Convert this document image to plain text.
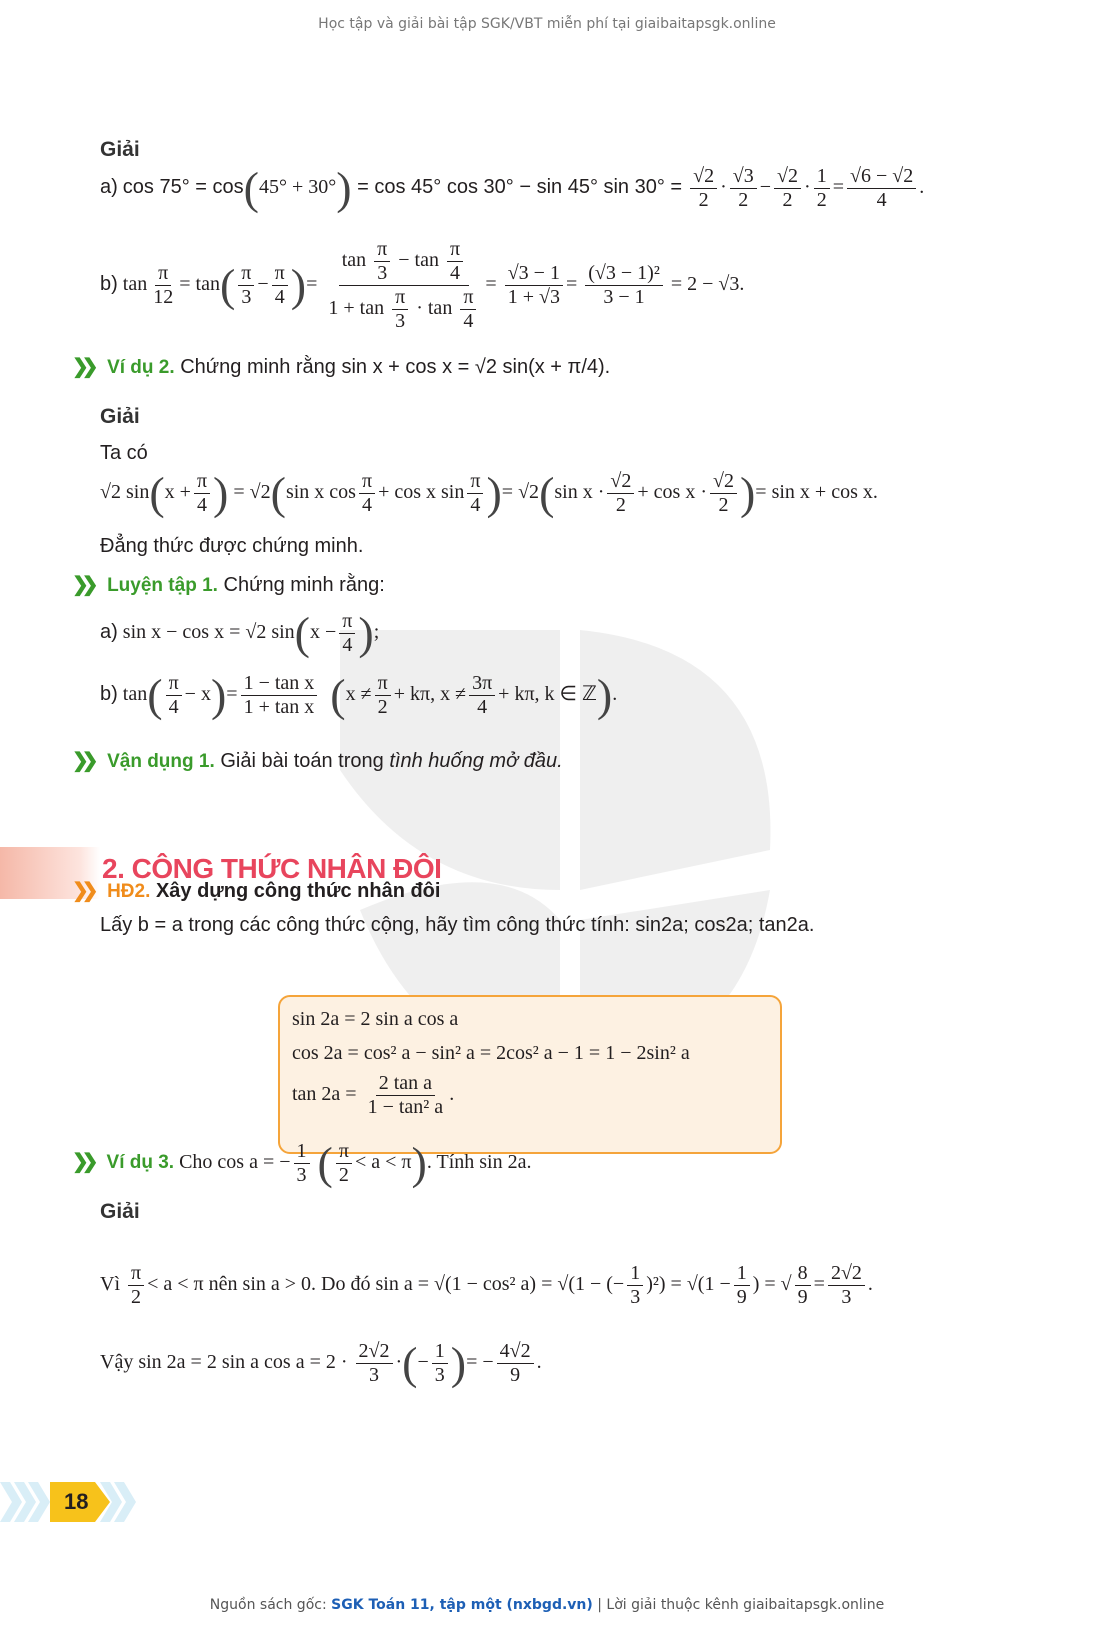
Học tập và giải bài tập SGK/VBT miễn phí tại giaibaitapsgk.online
Giải
a) cos 75° = cos(45° + 30°) = cos 45° cos 30° − sin 45° $\sin 30^\circ = \frac{√2}{2} \cdot \frac{√3}{2} - \frac{√2}{2} \cdot \frac{1}{2} = \frac{√6 - √2}{4}$ .
b) $\tan \frac{\pi}{12} = \tan( \frac{\pi}{3} - \frac{\pi}{4}$ )= $\frac{\tan \frac{\pi}{3} - \tan \frac{\pi}{4}}{1 + \tan \frac{\pi}{3} \cdot \tan \frac{\pi}{4}} = \frac{√3 - 1}{1 + √3} = \frac{\text{(√3 − 1)²}}{3 - 1} = 2 - √3$.
❯❯ Ví dụ 2. Chứng minh rằng sin x + cos x = √2 sin(x + π/4).
Giải
Ta có
√2 $\sin(x + \frac{\pi}{4}$ ) = √2(sin x $\cos \frac{\pi}{4} + \cos x$ $\sin \frac{\pi}{4}$ )= √2(sin $x \cdot \frac{√2}{2} + \cos x \cdot \frac{√2}{2}$ )= sin x + cos x.
Đẳng thức được chứng minh.
❯❯ Luyện tập 1. Chứng minh rằng:
a) sin x − cos x = √2 $\sin(x - \frac{\pi}{4}$ );
b) $\tan( \frac{\pi}{4} - x)= \frac{\text{1 − tan x}}{\text{1 + tan x}} (x \ne \frac{\pi}{2} + k\pi$, $x \ne \frac{3\pi}{4} + k\pi$, k ∈ ℤ).
❯❯ Vận dụng 1. Giải bài toán trong tình huống mở đầu.
2. CÔNG THỨC NHÂN ĐÔI
❯❯ HĐ2. Xây dựng công thức nhân đôi
Lấy b = a trong các công thức cộng, hãy tìm công thức tính: sin2a; cos2a; tan2a.
sin 2a = 2 sin a cos a
cos 2a = cos² a − sin² a = 2cos² a − 1 = 1 − 2sin² a
$\tan 2a = \frac{\text{2 tan a}}{\text{1 − tan² a}}$ .
❯❯ Ví dụ 3. Cho cos a = − $\frac{1}{3}$ ( $\frac{\pi}{2} < a < \pi$). Tính sin 2a.
Giải
Vì $\frac{\pi}{2} < a < \pi$ nên sin a > 0. Do đó sin a = √(1 − cos² a) = √(1 − (− $\frac{1}{3} )^2) = √(1 - \frac{1}{9}$ ) = √ $\frac{8}{9} = \frac{2√2}{3}$ .
Vậy sin 2a = 2 sin a $\cos a = 2 \cdot \frac{2√2}{3}$ ·(− $\frac{1}{3}$ )= − $\frac{4√2}{9}$ .
18
Nguồn sách gốc: SGK Toán 11, tập một (nxbgd.vn) | Lời giải thuộc kênh giaibaitapsgk.online
